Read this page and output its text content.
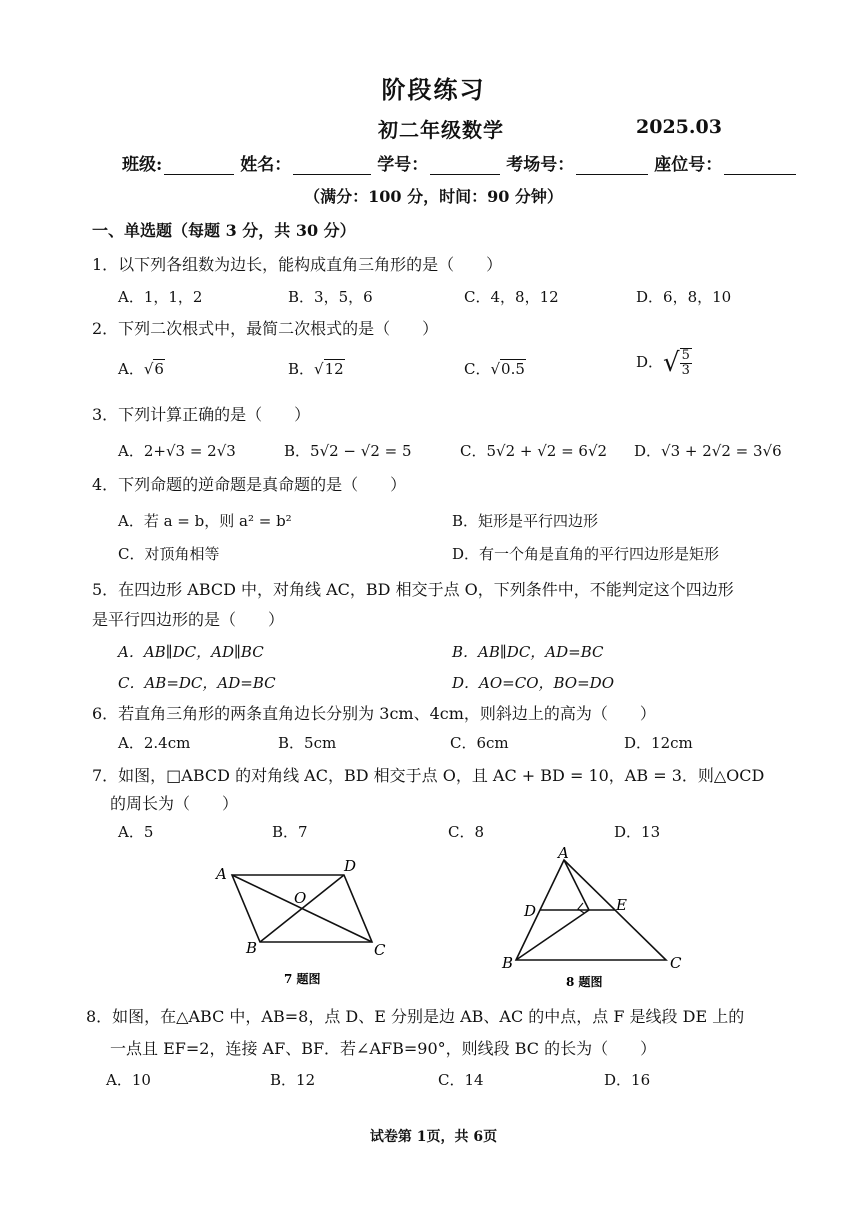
阶段练习
初二年级数学	2025.03
班级:	姓名：	学号：	考场号：	座位号：
（满分：100 分，时间：90 分钟）
一、单选题（每题 3 分，共 30 分）
1．以下列各组数为边长，能构成直角三角形的是（　　）
A．1，1，2	B．3，5，6	C．4，8，12	D．6，8，10
2．下列二次根式中，最简二次根式的是（　　）
A．√6	B．√12	C．√0.5	D．√ $\frac{5}{3}$
3．下列计算正确的是（　　）
A．2+√3 = 2√3	B．5√2 − √2 = 5	C．5√2 + √2 = 6√2 D．√3 + 2√2 = 3√6
4．下列命题的逆命题是真命题的是（　　）
A．若 a = b，则 a² = b²	B．矩形是平行四边形
C．对顶角相等	D．有一个角是直角的平行四边形是矩形
5．在四边形 ABCD 中，对角线 AC，BD 相交于点 O，下列条件中，不能判定这个四边形
是平行四边形的是（　　）
A．AB∥DC，AD∥BC	B．AB∥DC，AD=BC
C．AB=DC，AD=BC	D．AO=CO，BO=DO
6．若直角三角形的两条直角边长分别为 3cm、4cm，则斜边上的高为（　　）
A．2.4cm	B．5cm	C．6cm	D．12cm
7．如图，□ABCD 的对角线 AC，BD 相交于点 O，且 AC + BD = 10，AB = 3．则△OCD
的周长为（　　）
A．5	B．7	C．8	D．13
A	D
O
B	C
7 题图
A
D	E
B	C
8 题图
8．如图，在△ABC 中，AB=8，点 D、E 分别是边 AB、AC 的中点，点 F 是线段 DE 上的
一点且 EF=2，连接 AF、BF．若∠AFB=90°，则线段 BC 的长为（　　）
A．10	B．12	C．14	D．16
试卷第 1页，共 6页
